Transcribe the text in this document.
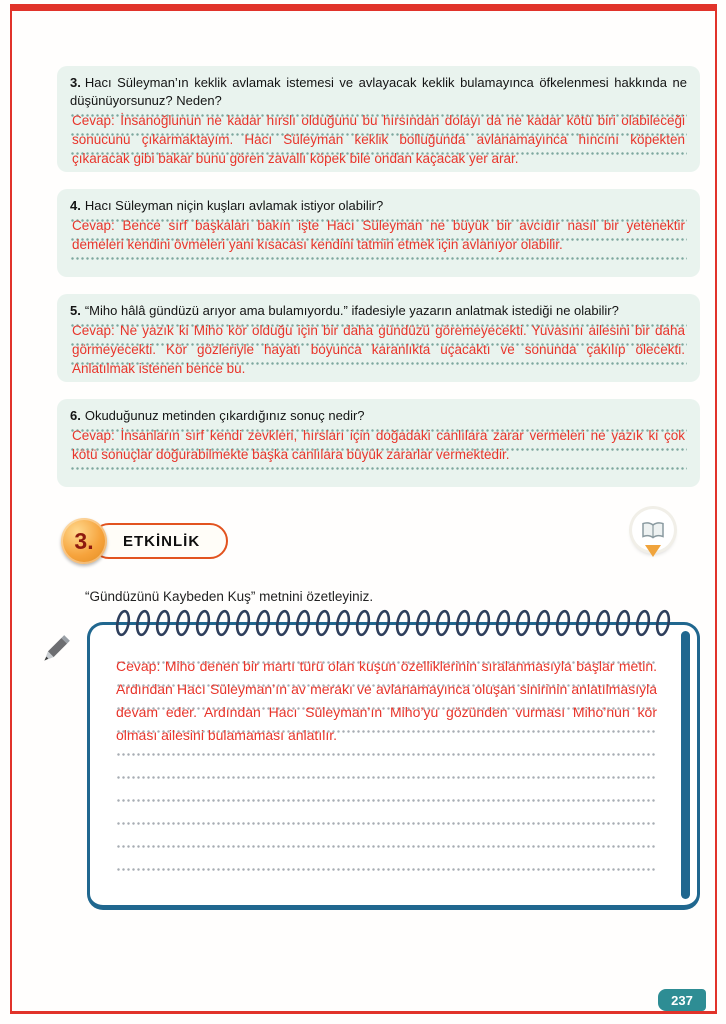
237

3. Hacı Süleyman’ın keklik avlamak istemesi ve avlayacak keklik bulamayınca öfkelenmesi hakkında ne düşünüyorsunuz? Neden?

Cevap: İnsanoğlunun ne kadar hırslı olduğunu bu hırsından dolayı da ne kadar kötü biri olabileceği sonucunu çıkarmaktayım. Hacı Süleyman keklik bolluğunda avlanamayınca hıncını köpekten çıkaracak gibi bakar bunu gören zavallı köpek bile ondan kaçacak yer arar.

4. Hacı Süleyman niçin kuşları avlamak istiyor olabilir?

Cevap: Bence sırf başkaları bakın işte Hacı Süleyman ne büyük bir avcıdır nasıl bir yetenektir demeleri kendini övmeleri yani kısacası kendini tatmin etmek için avlanıyor olabilir.

5. “Miho hâlâ gündüzü arıyor ama bulamıyordu.” ifadesiyle yazarın anlatmak istediği ne olabilir?

Cevap: Ne yazık ki Miho kör olduğu için bir daha gündüzü göremeyecekti. Yuvasını ailesini bir daha görmeyecekti. Kör gözleriyle hayatı boyunca karanlıkta uçacaktı ve sonunda çakılıp ölecekti. Anlatılmak istenen bence bu.

6. Okuduğunuz metinden çıkardığınız sonuç nedir?

Cevap: İnsanların sırf kendi zevkleri, hırsları için doğadaki canlılara zarar vermeleri ne yazık ki çok kötü sonuçlar doğurabilmekte başka canlılara büyük zararlar vermektedir.
3.	ETKİNLİK

“Gündüzünü Kaybeden Kuş” metnini özetleyiniz.

Cevap: Miho denen bir martı türü olan kuşun özelliklerinin sıralanmasıyla başlar metin. Ardından Hacı Süleyman’ın av merakı ve avlanamayınca oluşan sinirinin anlatılmasıyla devam eder. Ardından Hacı Süleyman’ın Miho’yu gözünden vurması Miho’nun kör olması ailesini bulamaması anlatılır.
